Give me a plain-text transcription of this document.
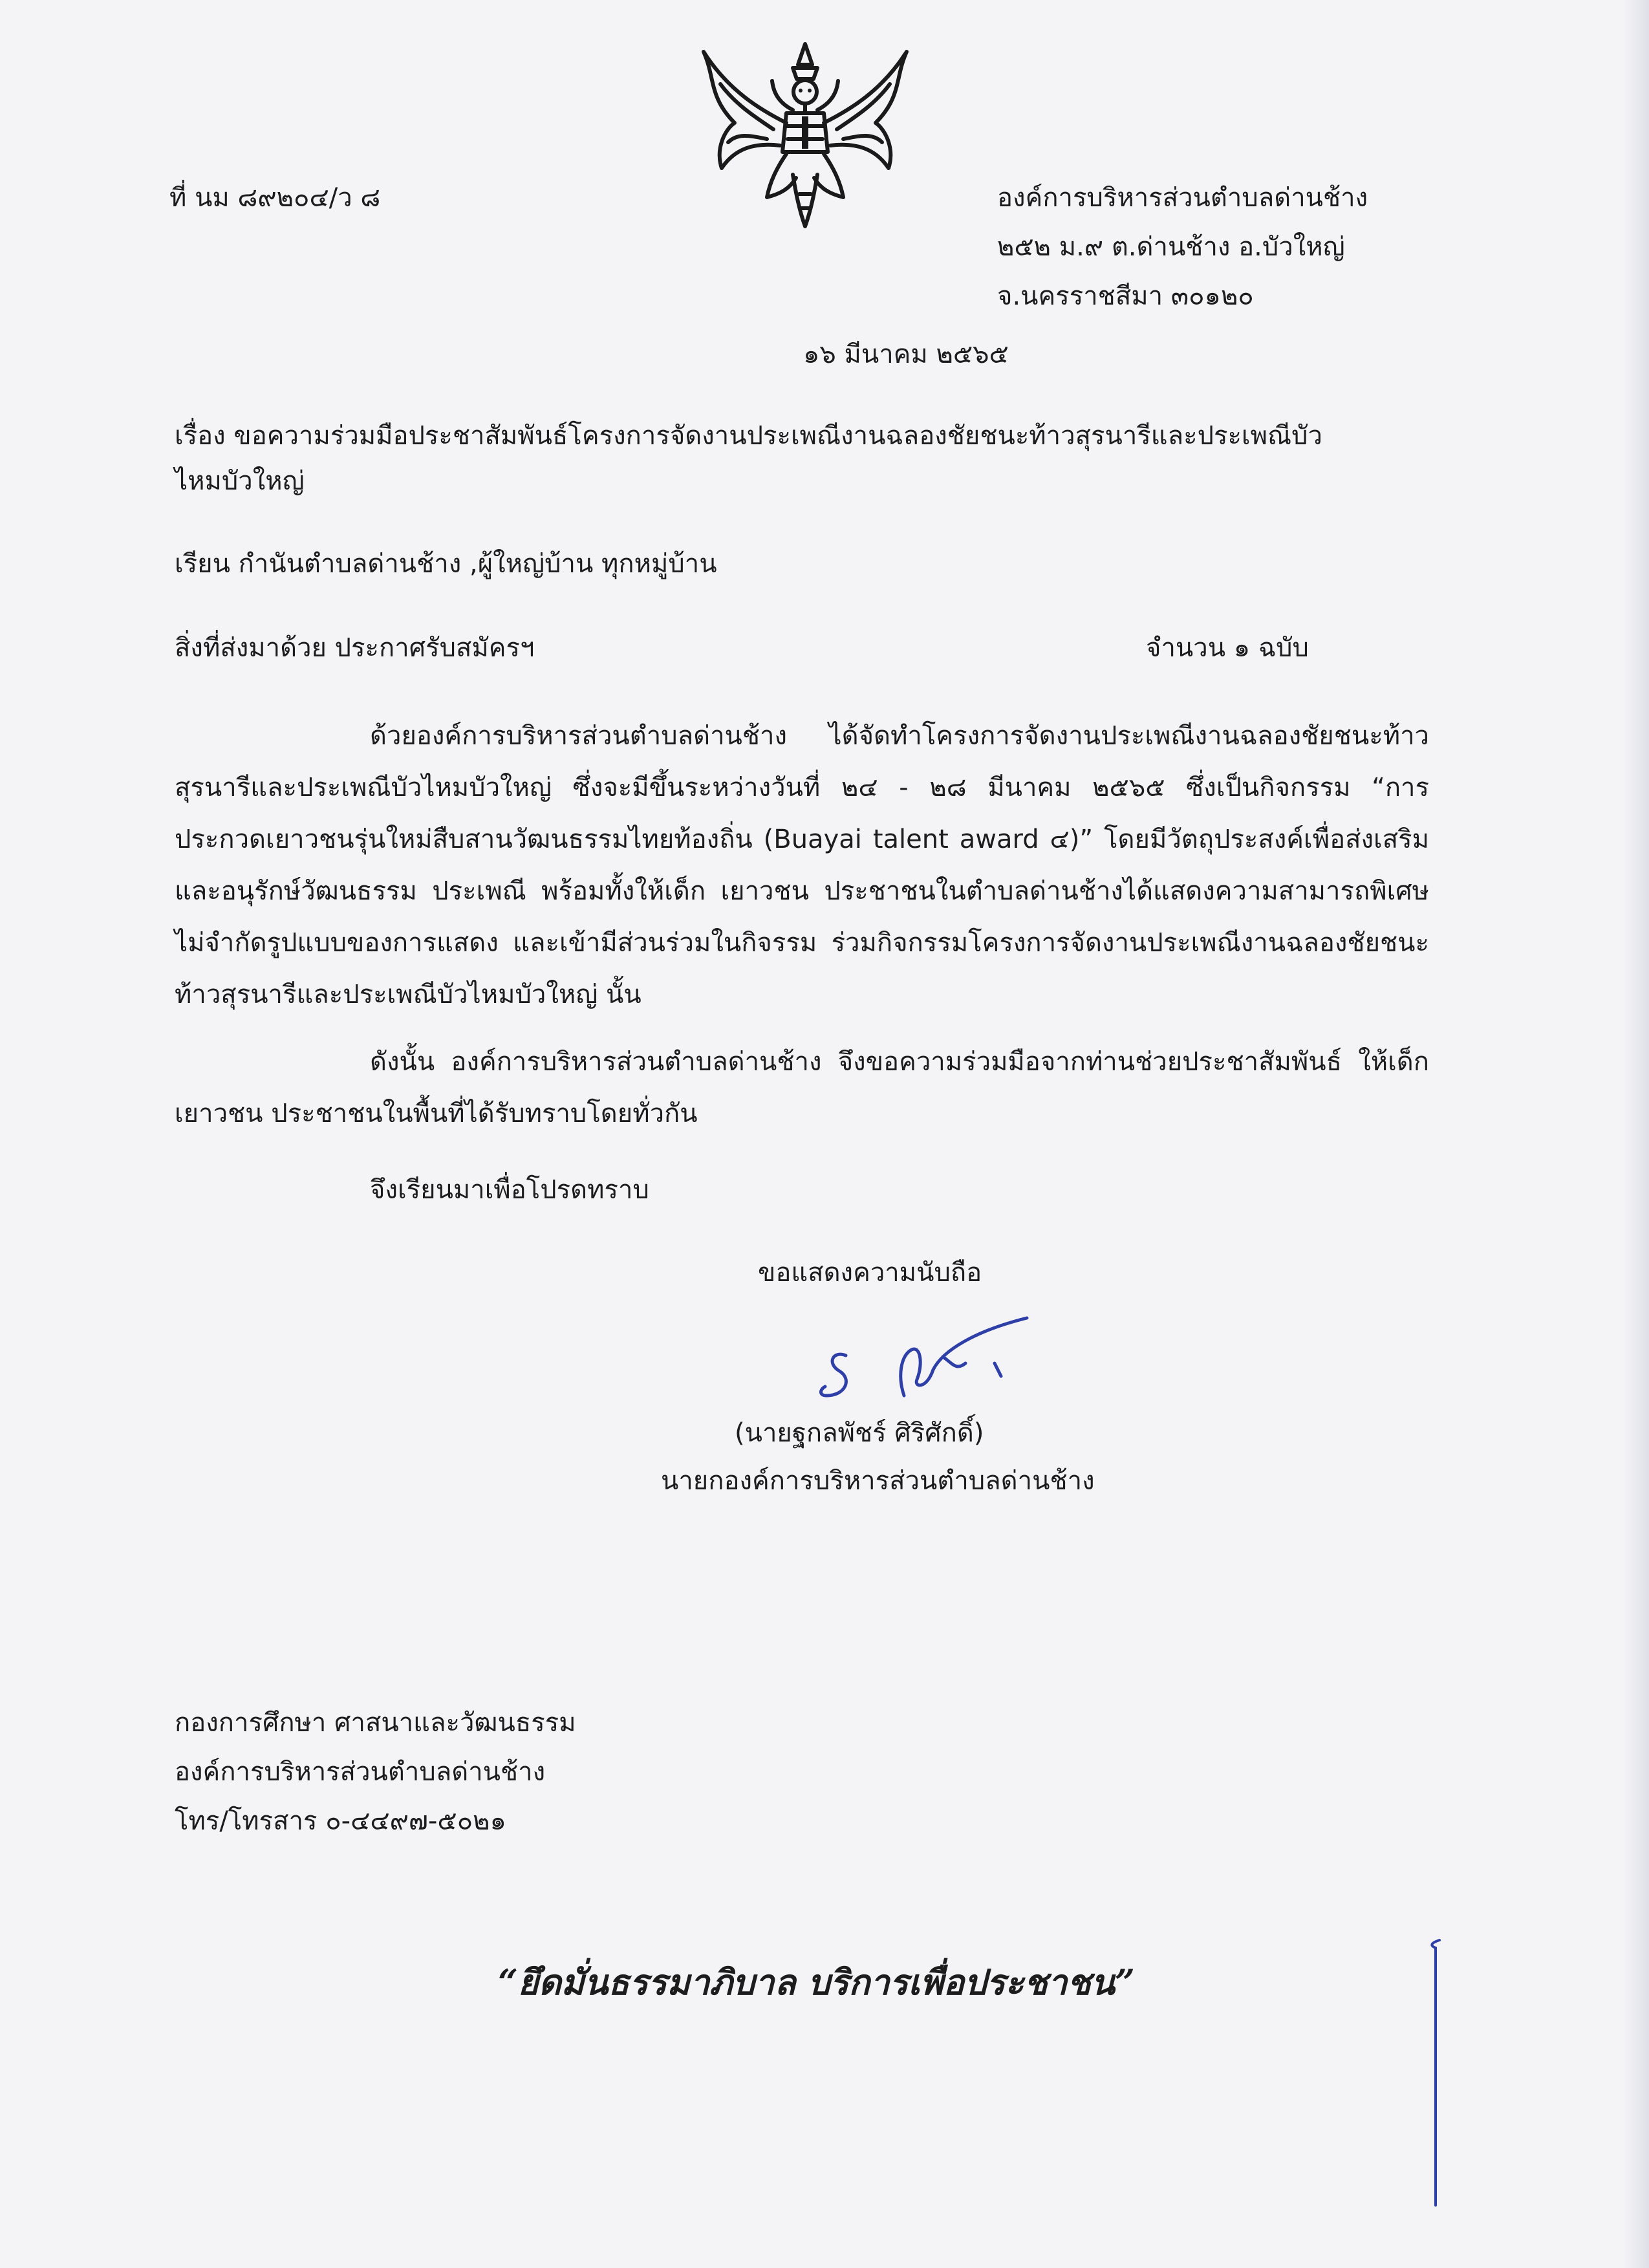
ที่ นม ๘๙๒๐๔/ว ๘	องค์การบริหารส่วนตำบลด่านช้าง
๒๕๒ ม.๙ ต.ด่านช้าง อ.บัวใหญ่
จ.นครราชสีมา ๓๐๑๒๐
๑๖ มีนาคม ๒๕๖๕
เรื่อง ขอความร่วมมือประชาสัมพันธ์โครงการจัดงานประเพณีงานฉลองชัยชนะท้าวสุรนารีและประเพณีบัว
ไหมบัวใหญ่
เรียน กำนันตำบลด่านช้าง ,ผู้ใหญ่บ้าน ทุกหมู่บ้าน
สิ่งที่ส่งมาด้วย ประกาศรับสมัครฯ	จำนวน ๑ ฉบับ
ด้วยองค์การบริหารส่วนตำบลด่านช้าง ได้จัดทำโครงการจัดงานประเพณีงานฉลองชัยชนะท้าว
สุรนารีและประเพณีบัวไหมบัวใหญ่ ซึ่งจะมีขึ้นระหว่างวันที่ ๒๔ - ๒๘ มีนาคม ๒๕๖๕ ซึ่งเป็นกิจกรรม “การ
ประกวดเยาวชนรุ่นใหม่สืบสานวัฒนธรรมไทยท้องถิ่น (Buayai talent award ๔)” โดยมีวัตถุประสงค์เพื่อส่งเสริม
และอนุรักษ์วัฒนธรรม ประเพณี พร้อมทั้งให้เด็ก เยาวชน ประชาชนในตำบลด่านช้างได้แสดงความสามารถพิเศษ
ไม่จำกัดรูปแบบของการแสดง และเข้ามีส่วนร่วมในกิจรรม ร่วมกิจกรรมโครงการจัดงานประเพณีงานฉลองชัยชนะ
ท้าวสุรนารีและประเพณีบัวไหมบัวใหญ่ นั้น
ดังนั้น องค์การบริหารส่วนตำบลด่านช้าง จึงขอความร่วมมือจากท่านช่วยประชาสัมพันธ์ ให้เด็ก
เยาวชน ประชาชนในพื้นที่ได้รับทราบโดยทั่วกัน
จึงเรียนมาเพื่อโปรดทราบ
ขอแสดงความนับถือ
(นายฐกลพัชร์ ศิริศักดิ์)
นายกองค์การบริหารส่วนตำบลด่านช้าง
กองการศึกษา ศาสนาและวัฒนธรรม
องค์การบริหารส่วนตำบลด่านช้าง
โทร/โทรสาร ๐-๔๔๙๗-๕๐๒๑
“ยึดมั่นธรรมาภิบาล บริการเพื่อประชาชน”
